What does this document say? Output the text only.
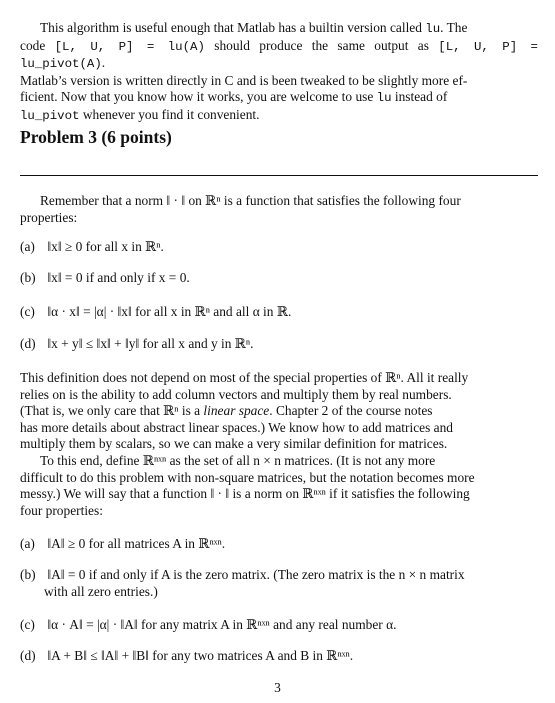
This algorithm is useful enough that Matlab has a builtin version called lu. The
code [L, U, P] = lu(A) should produce the same output as [L, U, P] = lu_pivot(A).
Matlab’s version is written directly in C and is been tweaked to be slightly more ef-
ficient. Now that you know how it works, you are welcome to use lu instead of
lu_pivot whenever you find it convenient.
Problem 3 (6 points)
Remember that a norm ‖ · ‖ on ℝⁿ is a function that satisfies the following four
properties:
(a) ‖x‖ ≥ 0 for all x in ℝⁿ.
(b) ‖x‖ = 0 if and only if x = 0.
(c) ‖α · x‖ = |α| · ‖x‖ for all x in ℝⁿ and all α in ℝ.
(d) ‖x + y‖ ≤ ‖x‖ + ‖y‖ for all x and y in ℝⁿ.
This definition does not depend on most of the special properties of ℝⁿ. All it really
relies on is the ability to add column vectors and multiply them by real numbers.
(That is, we only care that ℝⁿ is a linear space. Chapter 2 of the course notes
has more details about abstract linear spaces.) We know how to add matrices and
multiply them by scalars, so we can make a very similar definition for matrices.
To this end, define ℝⁿˣⁿ as the set of all n × n matrices. (It is not any more
difficult to do this problem with non-square matrices, but the notation becomes more
messy.) We will say that a function ‖ · ‖ is a norm on ℝⁿˣⁿ if it satisfies the following
four properties:
(a) ‖A‖ ≥ 0 for all matrices A in ℝⁿˣⁿ.
(b) ‖A‖ = 0 if and only if A is the zero matrix. (The zero matrix is the n × n matrix
with all zero entries.)
(c) ‖α · A‖ = |α| · ‖A‖ for any matrix A in ℝⁿˣⁿ and any real number α.
(d) ‖A + B‖ ≤ ‖A‖ + ‖B‖ for any two matrices A and B in ℝⁿˣⁿ.
3
